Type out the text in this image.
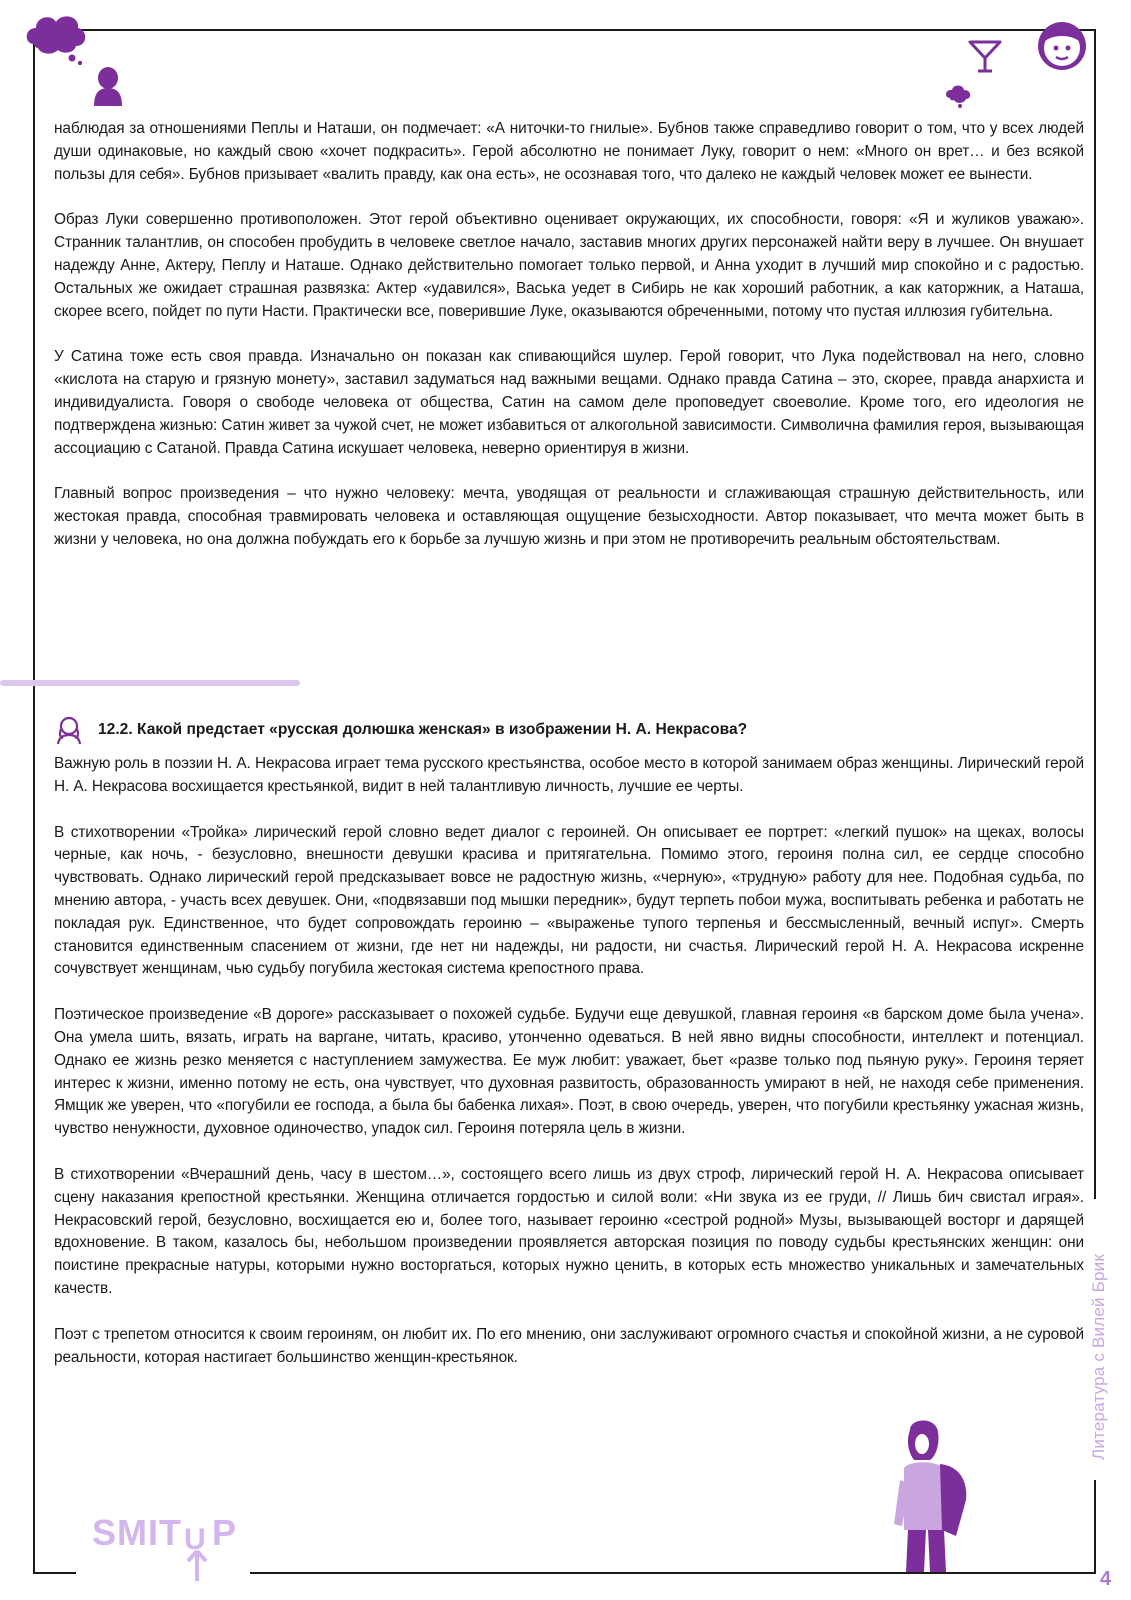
наблюдая за отношениями Пеплы и Наташи, он подмечает: «А ниточки-то гнилые». Бубнов также справедливо говорит о том, что у всех людей души одинаковые, но каждый свою «хочет подкрасить». Герой абсолютно не понимает Луку, говорит о нем: «Много он врет… и без всякой пользы для себя». Бубнов призывает «валить правду, как она есть», не осознавая того, что далеко не каждый человек может ее вынести.

Образ Луки совершенно противоположен. Этот герой объективно оценивает окружающих, их способности, говоря: «Я и жуликов уважаю». Странник талантлив, он способен пробудить в человеке светлое начало, заставив многих других персонажей найти веру в лучшее. Он внушает надежду Анне, Актеру, Пеплу и Наташе. Однако действительно помогает только первой, и Анна уходит в лучший мир спокойно и с радостью. Остальных же ожидает страшная развязка: Актер «удавился», Васька уедет в Сибирь не как хороший работник, а как каторжник, а Наташа, скорее всего, пойдет по пути Насти. Практически все, поверившие Луке, оказываются обреченными, потому что пустая иллюзия губительна.

У Сатина тоже есть своя правда. Изначально он показан как спивающийся шулер. Герой говорит, что Лука подействовал на него, словно «кислота на старую и грязную монету», заставил задуматься над важными вещами. Однако правда Сатина – это, скорее, правда анархиста и индивидуалиста. Говоря о свободе человека от общества, Сатин на самом деле проповедует своеволие. Кроме того, его идеология не подтверждена жизнью: Сатин живет за чужой счет, не может избавиться от алкогольной зависимости. Символична фамилия героя, вызывающая ассоциацию с Сатаной. Правда Сатина искушает человека, неверно ориентируя в жизни.

Главный вопрос произведения – что нужно человеку: мечта, уводящая от реальности и сглаживающая страшную действительность, или жестокая правда, способная травмировать человека и оставляющая ощущение безысходности. Автор показывает, что мечта может быть в жизни у человека, но она должна побуждать его к борьбе за лучшую жизнь и при этом не противоречить реальным обстоятельствам.

12.2. Какой предстает «русская долюшка женская» в изображении Н. А. Некрасова?

Важную роль в поэзии Н. А. Некрасова играет тема русского крестьянства, особое место в которой занимаем образ женщины. Лирический герой Н. А. Некрасова восхищается крестьянкой, видит в ней талантливую личность, лучшие ее черты.

В стихотворении «Тройка» лирический герой словно ведет диалог с героиней. Он описывает ее портрет: «легкий пушок» на щеках, волосы черные, как ночь, - безусловно, внешности девушки красива и притягательна. Помимо этого, героиня полна сил, ее сердце способно чувствовать. Однако лирический герой предсказывает вовсе не радостную жизнь, «черную», «трудную» работу для нее. Подобная судьба, по мнению автора, - участь всех девушек. Они, «подвязавши под мышки передник», будут терпеть побои мужа, воспитывать ребенка и работать не покладая рук. Единственное, что будет сопровождать героиню – «выраженье тупого терпенья и бессмысленный, вечный испуг». Смерть становится единственным спасением от жизни, где нет ни надежды, ни радости, ни счастья. Лирический герой Н. А. Некрасова искренне сочувствует женщинам, чью судьбу погубила жестокая система крепостного права.

Поэтическое произведение «В дороге» рассказывает о похожей судьбе. Будучи еще девушкой, главная героиня «в барском доме была учена». Она умела шить, вязать, играть на варгане, читать, красиво, утонченно одеваться. В ней явно видны способности, интеллект и потенциал. Однако ее жизнь резко меняется с наступлением замужества. Ее муж любит: уважает, бьет «разве только под пьяную руку». Героиня теряет интерес к жизни, именно потому не есть, она чувствует, что духовная развитость, образованность умирают в ней, не находя себе применения. Ямщик же уверен, что «погубили ее господа, а была бы бабенка лихая». Поэт, в свою очередь, уверен, что погубили крестьянку ужасная жизнь, чувство ненужности, духовное одиночество, упадок сил. Героиня потеряла цель в жизни.

В стихотворении «Вчерашний день, часу в шестом…», состоящего всего лишь из двух строф, лирический герой Н. А. Некрасова описывает сцену наказания крепостной крестьянки. Женщина отличается гордостью и силой воли: «Ни звука из ее груди, // Лишь бич свистал играя». Некрасовский герой, безусловно, восхищается ею и, более того, называет героиню «сестрой родной» Музы, вызывающей восторг и дарящей вдохновение. В таком, казалось бы, небольшом произведении проявляется авторская позиция по поводу судьбы крестьянских женщин: они поистине прекрасные натуры, которыми нужно восторгаться, которых нужно ценить, в которых есть множество уникальных и замечательных качеств.

Поэт с трепетом относится к своим героиням, он любит их. По его мнению, они заслуживают огромного счастья и спокойной жизни, а не суровой реальности, которая настигает большинство женщин-крестьянок.	Литература с Вилей Брик
SMIT U P
4
